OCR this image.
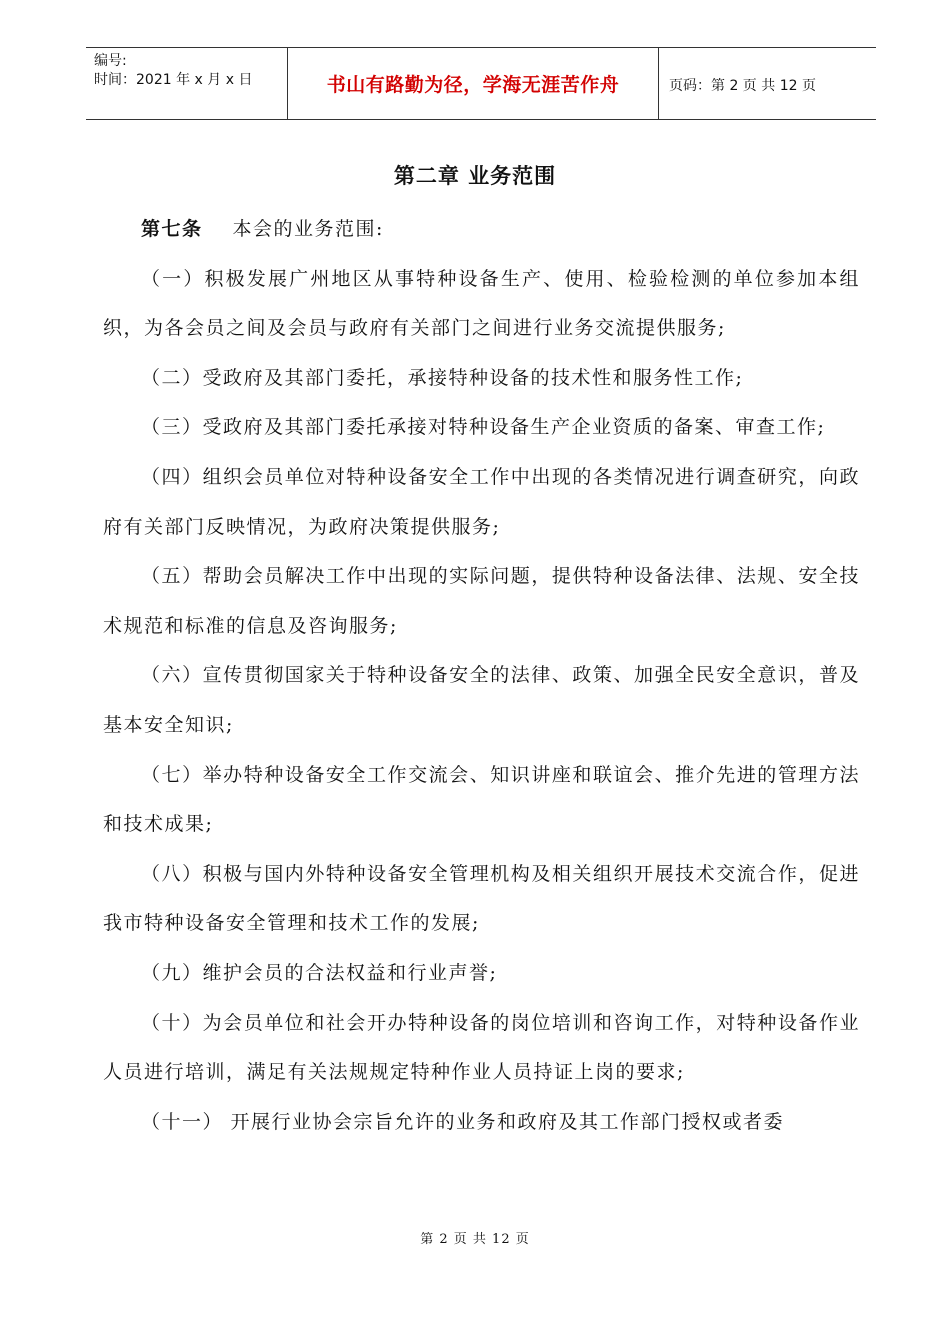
编号:
时间：2021 年 x 月 x 日	书山有路勤为径，学海无涯苦作舟	页码：第 2 页 共 12 页
第二章 业务范围

第七条 本会的业务范围:

（一）积极发展广州地区从事特种设备生产、使用、检验检测的单位参加本组织，为各会员之间及会员与政府有关部门之间进行业务交流提供服务;

（二）受政府及其部门委托，承接特种设备的技术性和服务性工作;

（三）受政府及其部门委托承接对特种设备生产企业资质的备案、审查工作;

（四）组织会员单位对特种设备安全工作中出现的各类情况进行调查研究，向政府有关部门反映情况，为政府决策提供服务;

（五）帮助会员解决工作中出现的实际问题，提供特种设备法律、法规、安全技术规范和标准的信息及咨询服务;

（六）宣传贯彻国家关于特种设备安全的法律、政策、加强全民安全意识，普及基本安全知识;

（七）举办特种设备安全工作交流会、知识讲座和联谊会、推介先进的管理方法和技术成果;

（八）积极与国内外特种设备安全管理机构及相关组织开展技术交流合作，促进我市特种设备安全管理和技术工作的发展;

（九）维护会员的合法权益和行业声誉;

（十）为会员单位和社会开办特种设备的岗位培训和咨询工作，对特种设备作业人员进行培训，满足有关法规规定特种作业人员持证上岗的要求;

（十一） 开展行业协会宗旨允许的业务和政府及其工作部门授权或者委

第 2 页 共 12 页
